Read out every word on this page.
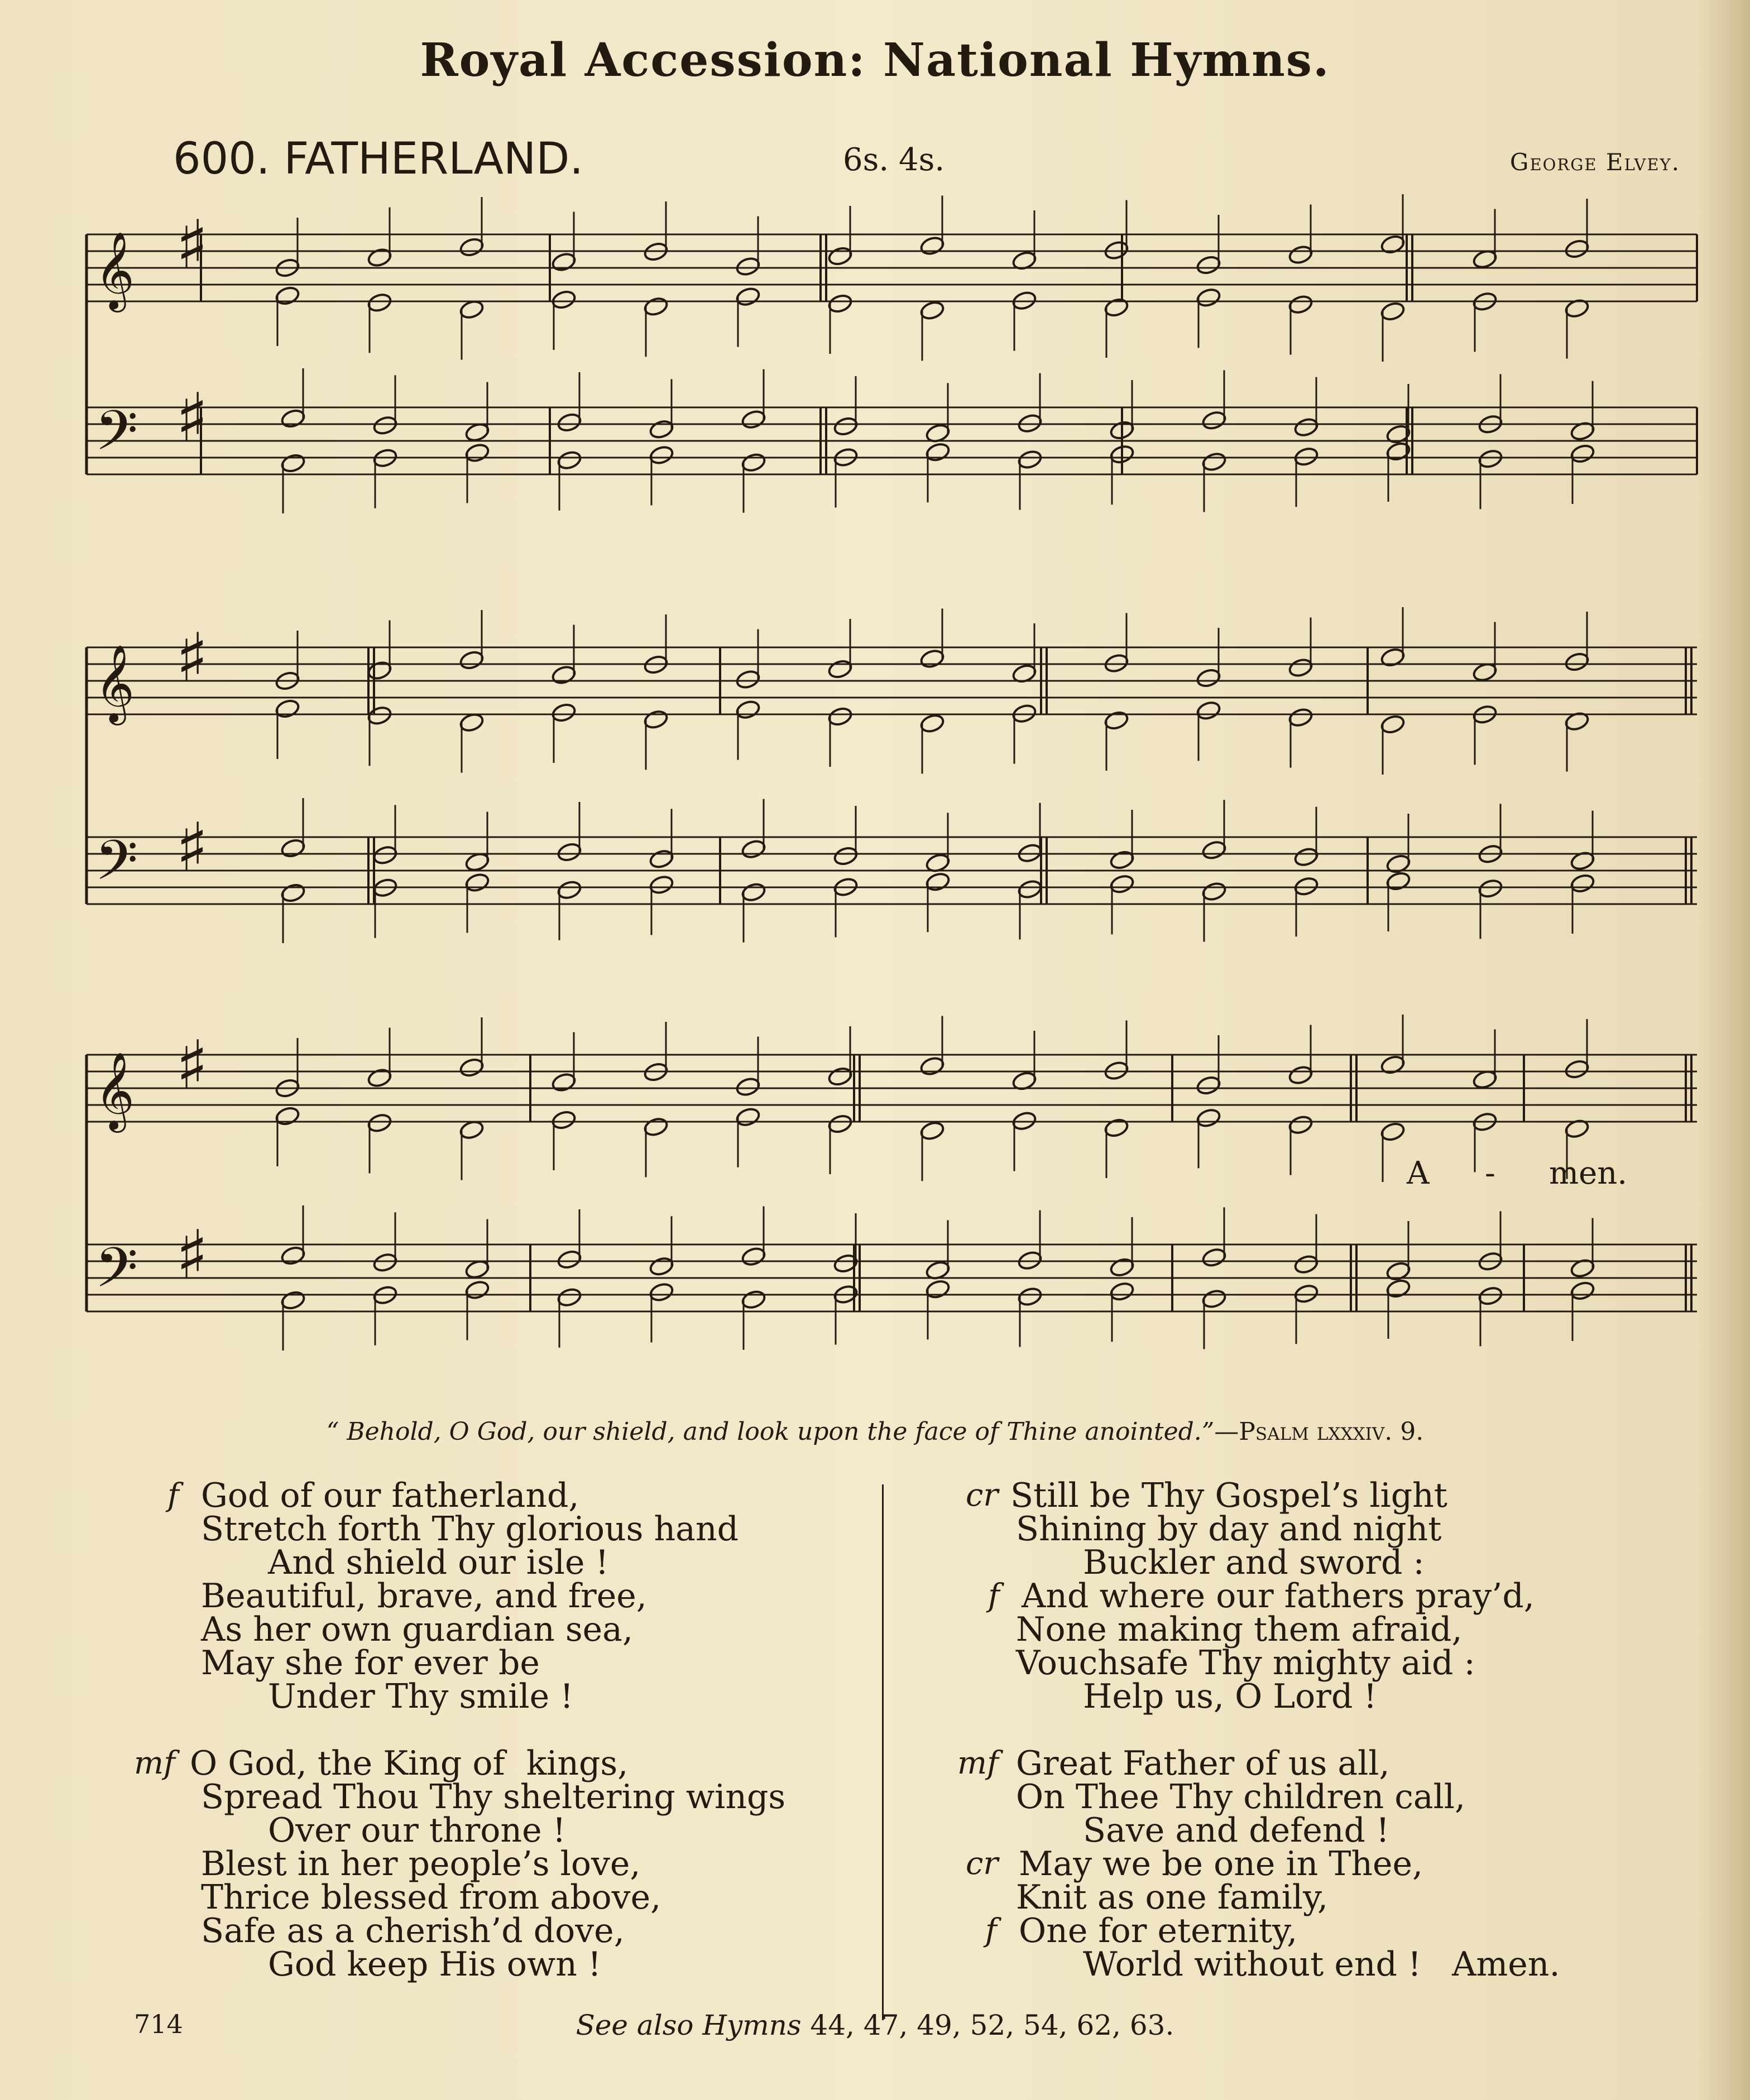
Royal Accession: National Hymns.
600. FATHERLAND.	6s. 4s.	George Elvey.
𝄞
𝄢
♯
♯
𝄞
𝄢
♯
♯
𝄞
𝄢
♯
♯
A - men.
“ Behold, O God, our shield, and look upon the face of Thine anointed.”—Psalm lxxxiv. 9.
f God of our fatherland,
Stretch forth Thy glorious hand
And shield our isle !
Beautiful, brave, and free,
As her own guardian sea,
May she for ever be
Under Thy smile !
mf O God, the King of  kings,
Spread Thou Thy sheltering wings
Over our throne !
Blest in her people’s love,
Thrice blessed from above,
Safe as a cherish’d dove,
God keep His own !
cr
f
Still be Thy Gospel’s light
Shining by day and night
Buckler and sword :
And where our fathers pray’d,
None making them afraid,
Vouchsafe Thy mighty aid :
Help us, O Lord !
mf
cr
f
Great Father of us all,
On Thee Thy children call,
Save and defend !
May we be one in Thee,
Knit as one family,
One for eternity,
World without end ! Amen.
714	See also Hymns 44, 47, 49, 52, 54, 62, 63.
